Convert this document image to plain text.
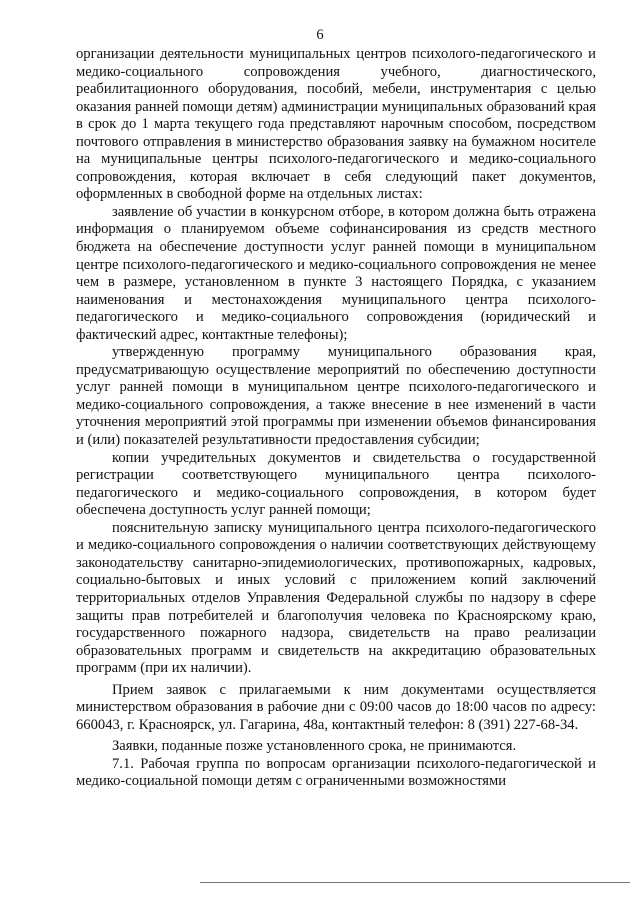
6

организации деятельности муниципальных центров психолого-педагогического и медико-социального сопровождения учебного, диагностического, реабилитационного оборудования, пособий, мебели, инструментария с целью оказания ранней помощи детям) администрации муниципальных образований края в срок до 1 марта текущего года представляют нарочным способом, посредством почтового отправления в министерство образования заявку на бумажном носителе на муниципальные центры психолого-педагогического и медико-социального сопровождения, которая включает в себя следующий пакет документов, оформленных в свободной форме на отдельных листах:

заявление об участии в конкурсном отборе, в котором должна быть отражена информация о планируемом объеме софинансирования из средств местного бюджета на обеспечение доступности услуг ранней помощи в муниципальном центре психолого-педагогического и медико-социального сопровождения не менее чем в размере, установленном в пункте 3 настоящего Порядка, с указанием наименования и местонахождения муниципального центра психолого-педагогического и медико-социального сопровождения (юридический и фактический адрес, контактные телефоны);

утвержденную программу муниципального образования края, предусматривающую осуществление мероприятий по обеспечению доступности услуг ранней помощи в муниципальном центре психолого-педагогического и медико-социального сопровождения, а также внесение в нее изменений в части уточнения мероприятий этой программы при изменении объемов финансирования и (или) показателей результативности предоставления субсидии;

копии учредительных документов и свидетельства о государственной регистрации соответствующего муниципального центра психолого-педагогического и медико-социального сопровождения, в котором будет обеспечена доступность услуг ранней помощи;

пояснительную записку муниципального центра психолого-педагогического и медико-социального сопровождения о наличии соответствующих действующему законодательству санитарно-эпидемиологических, противопожарных, кадровых, социально-бытовых и иных условий с приложением копий заключений территориальных отделов Управления Федеральной службы по надзору в сфере защиты прав потребителей и благополучия человека по Красноярскому краю, государственного пожарного надзора, свидетельств на право реализации образовательных программ и свидетельств на аккредитацию образовательных программ (при их наличии).

Прием заявок с прилагаемыми к ним документами осуществляется министерством образования в рабочие дни с 09:00 часов до 18:00 часов по адресу: 660043, г. Красноярск, ул. Гагарина, 48а, контактный телефон: 8 (391) 227-68-34.

Заявки, поданные позже установленного срока, не принимаются.

7.1. Рабочая группа по вопросам организации психолого-педагогической и медико-социальной помощи детям с ограниченными возможностями
